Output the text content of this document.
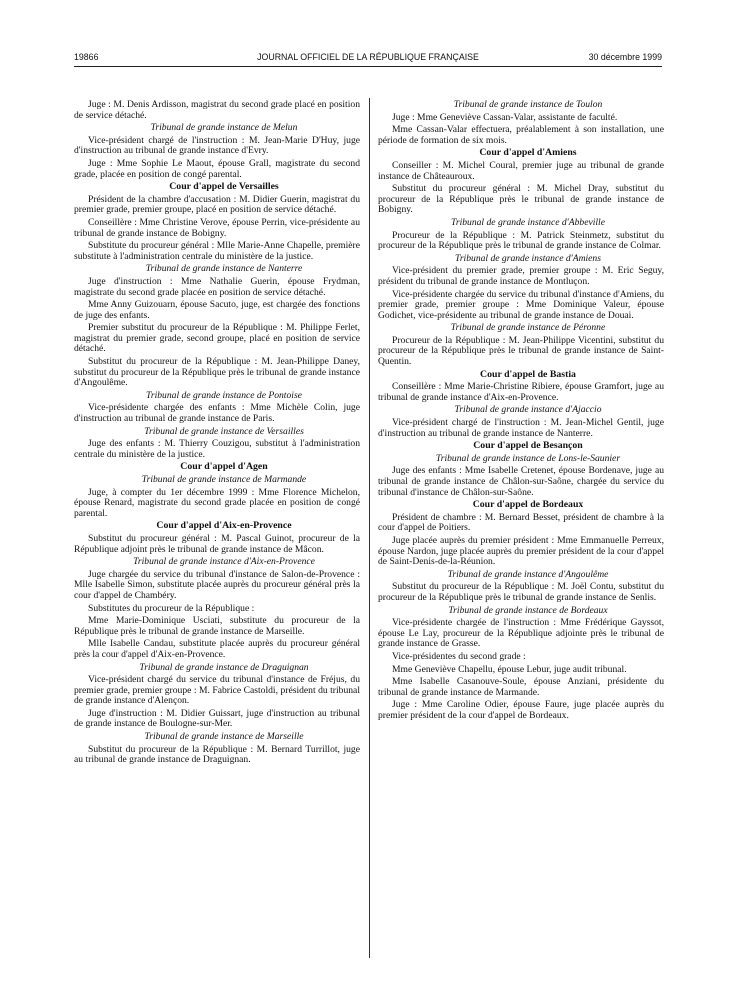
19866	JOURNAL OFFICIEL DE LA RÉPUBLIQUE FRANÇAISE	30 décembre 1999

Juge : M. Denis Ardisson, magistrat du second grade placé en position de service détaché.

Tribunal de grande instance de Melun

Vice-président chargé de l'instruction : M. Jean-Marie D'Huy, juge d'instruction au tribunal de grande instance d'Evry.

Juge : Mme Sophie Le Maout, épouse Grall, magistrate du second grade, placée en position de congé parental.

Cour d'appel de Versailles

Président de la chambre d'accusation : M. Didier Guerin, magistrat du premier grade, premier groupe, placé en position de service détaché.

Conseillère : Mme Christine Verove, épouse Perrin, vice-présidente au tribunal de grande instance de Bobigny.

Substitute du procureur général : Mlle Marie-Anne Chapelle, première substitute à l'administration centrale du ministère de la justice.

Tribunal de grande instance de Nanterre

Juge d'instruction : Mme Nathalie Guerin, épouse Frydman, magistrate du second grade placée en position de service détaché.

Mme Anny Guizouarn, épouse Sacuto, juge, est chargée des fonctions de juge des enfants.

Premier substitut du procureur de la République : M. Philippe Ferlet, magistrat du premier grade, second groupe, placé en position de service détaché.

Substitut du procureur de la République : M. Jean-Philippe Daney, substitut du procureur de la République près le tribunal de grande instance d'Angoulême.

Tribunal de grande instance de Pontoise

Vice-présidente chargée des enfants : Mme Michèle Colin, juge d'instruction au tribunal de grande instance de Paris.

Tribunal de grande instance de Versailles

Juge des enfants : M. Thierry Couzigou, substitut à l'administration centrale du ministère de la justice.

Cour d'appel d'Agen

Tribunal de grande instance de Marmande

Juge, à compter du 1er décembre 1999 : Mme Florence Michelon, épouse Renard, magistrate du second grade placée en position de congé parental.

Cour d'appel d'Aix-en-Provence

Substitut du procureur général : M. Pascal Guinot, procureur de la République adjoint près le tribunal de grande instance de Mâcon.

Tribunal de grande instance d'Aix-en-Provence

Juge chargée du service du tribunal d'instance de Salon-de-Provence : Mlle Isabelle Simon, substitute placée auprès du procureur général près la cour d'appel de Chambéry.

Substitutes du procureur de la République :

Mme Marie-Dominique Usciati, substitute du procureur de la République près le tribunal de grande instance de Marseille.

Mlle Isabelle Candau, substitute placée auprès du procureur général près la cour d'appel d'Aix-en-Provence.

Tribunal de grande instance de Draguignan

Vice-président chargé du service du tribunal d'instance de Fréjus, du premier grade, premier groupe : M. Fabrice Castoldi, président du tribunal de grande instance d'Alençon.

Juge d'instruction : M. Didier Guissart, juge d'instruction au tribunal de grande instance de Boulogne-sur-Mer.

Tribunal de grande instance de Marseille

Substitut du procureur de la République : M. Bernard Turrillot, juge au tribunal de grande instance de Draguignan.

Tribunal de grande instance de Toulon

Juge : Mme Geneviève Cassan-Valar, assistante de faculté.

Mme Cassan-Valar effectuera, préalablement à son installation, une période de formation de six mois.

Cour d'appel d'Amiens

Conseiller : M. Michel Coural, premier juge au tribunal de grande instance de Châteauroux.

Substitut du procureur général : M. Michel Dray, substitut du procureur de la République près le tribunal de grande instance de Bobigny.

Tribunal de grande instance d'Abbeville

Procureur de la République : M. Patrick Steinmetz, substitut du procureur de la République près le tribunal de grande instance de Colmar.

Tribunal de grande instance d'Amiens

Vice-président du premier grade, premier groupe : M. Eric Seguy, président du tribunal de grande instance de Montluçon.

Vice-présidente chargée du service du tribunal d'instance d'Amiens, du premier grade, premier groupe : Mme Dominique Valeur, épouse Godichet, vice-présidente au tribunal de grande instance de Douai.

Tribunal de grande instance de Péronne

Procureur de la République : M. Jean-Philippe Vicentini, substitut du procureur de la République près le tribunal de grande instance de Saint-Quentin.

Cour d'appel de Bastia

Conseillère : Mme Marie-Christine Ribiere, épouse Gramfort, juge au tribunal de grande instance d'Aix-en-Provence.

Tribunal de grande instance d'Ajaccio

Vice-président chargé de l'instruction : M. Jean-Michel Gentil, juge d'instruction au tribunal de grande instance de Nanterre.

Cour d'appel de Besançon

Tribunal de grande instance de Lons-le-Saunier

Juge des enfants : Mme Isabelle Cretenet, épouse Bordenave, juge au tribunal de grande instance de Châlon-sur-Saône, chargée du service du tribunal d'instance de Châlon-sur-Saône.

Cour d'appel de Bordeaux

Président de chambre : M. Bernard Besset, président de chambre à la cour d'appel de Poitiers.

Juge placée auprès du premier président : Mme Emmanuelle Perreux, épouse Nardon, juge placée auprès du premier président de la cour d'appel de Saint-Denis-de-la-Réunion.

Tribunal de grande instance d'Angoulême

Substitut du procureur de la République : M. Joël Contu, substitut du procureur de la République près le tribunal de grande instance de Senlis.

Tribunal de grande instance de Bordeaux

Vice-présidente chargée de l'instruction : Mme Frédérique Gayssot, épouse Le Lay, procureur de la République adjointe près le tribunal de grande instance de Grasse.

Vice-présidentes du second grade :

Mme Geneviève Chapellu, épouse Lebur, juge audit tribunal.

Mme Isabelle Casanouve-Soule, épouse Anziani, présidente du tribunal de grande instance de Marmande.

Juge : Mme Caroline Odier, épouse Faure, juge placée auprès du premier président de la cour d'appel de Bordeaux.
